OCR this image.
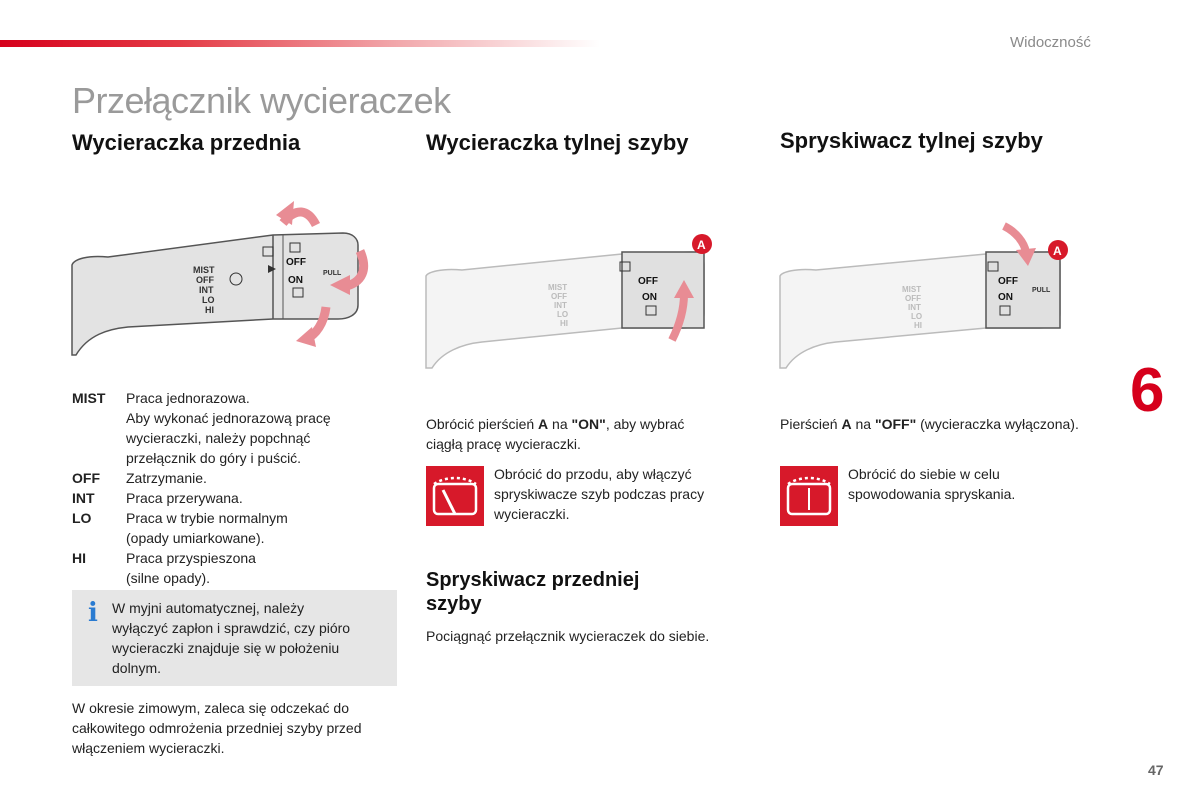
Widoczność
Przełącznik wycieraczek
Wycieraczka przednia	Wycieraczka tylnej szyby	Spryskiwacz tylnej szyby
MIST
OFF
INT
LO
HI
OFF
ON
PULL
MIST
OFF
INT
LO
HI
OFF
ON
A
MIST
OFF
INT
LO
HI
OFF
ON
PULL
A
MIST	Praca jednorazowa.
Aby wykonać jednorazową pracę
wycieraczki, należy popchnąć
przełącznik do góry i puścić.
OFF	Zatrzymanie.
INT	Praca przerywana.
LO	Praca w trybie normalnym
(opady umiarkowane).
HI	Praca przyspieszona
(silne opady).
i W myjni automatycznej, należy
wyłączyć zapłon i sprawdzić, czy pióro
wycieraczki znajduje się w położeniu
dolnym.
W okresie zimowym, zaleca się odczekać do
całkowitego odmrożenia przedniej szyby przed
włączeniem wycieraczki.
Obrócić pierścień A na "ON", aby wybrać
ciągłą pracę wycieraczki.
Obrócić do przodu, aby włączyć
spryskiwacze szyb podczas pracy
wycieraczki.
Spryskiwacz przedniej
szyby
Pociągnąć przełącznik wycieraczek do siebie.
Pierścień A na "OFF" (wycieraczka wyłączona).
Obrócić do siebie w celu
spowodowania spryskania.
6
47
